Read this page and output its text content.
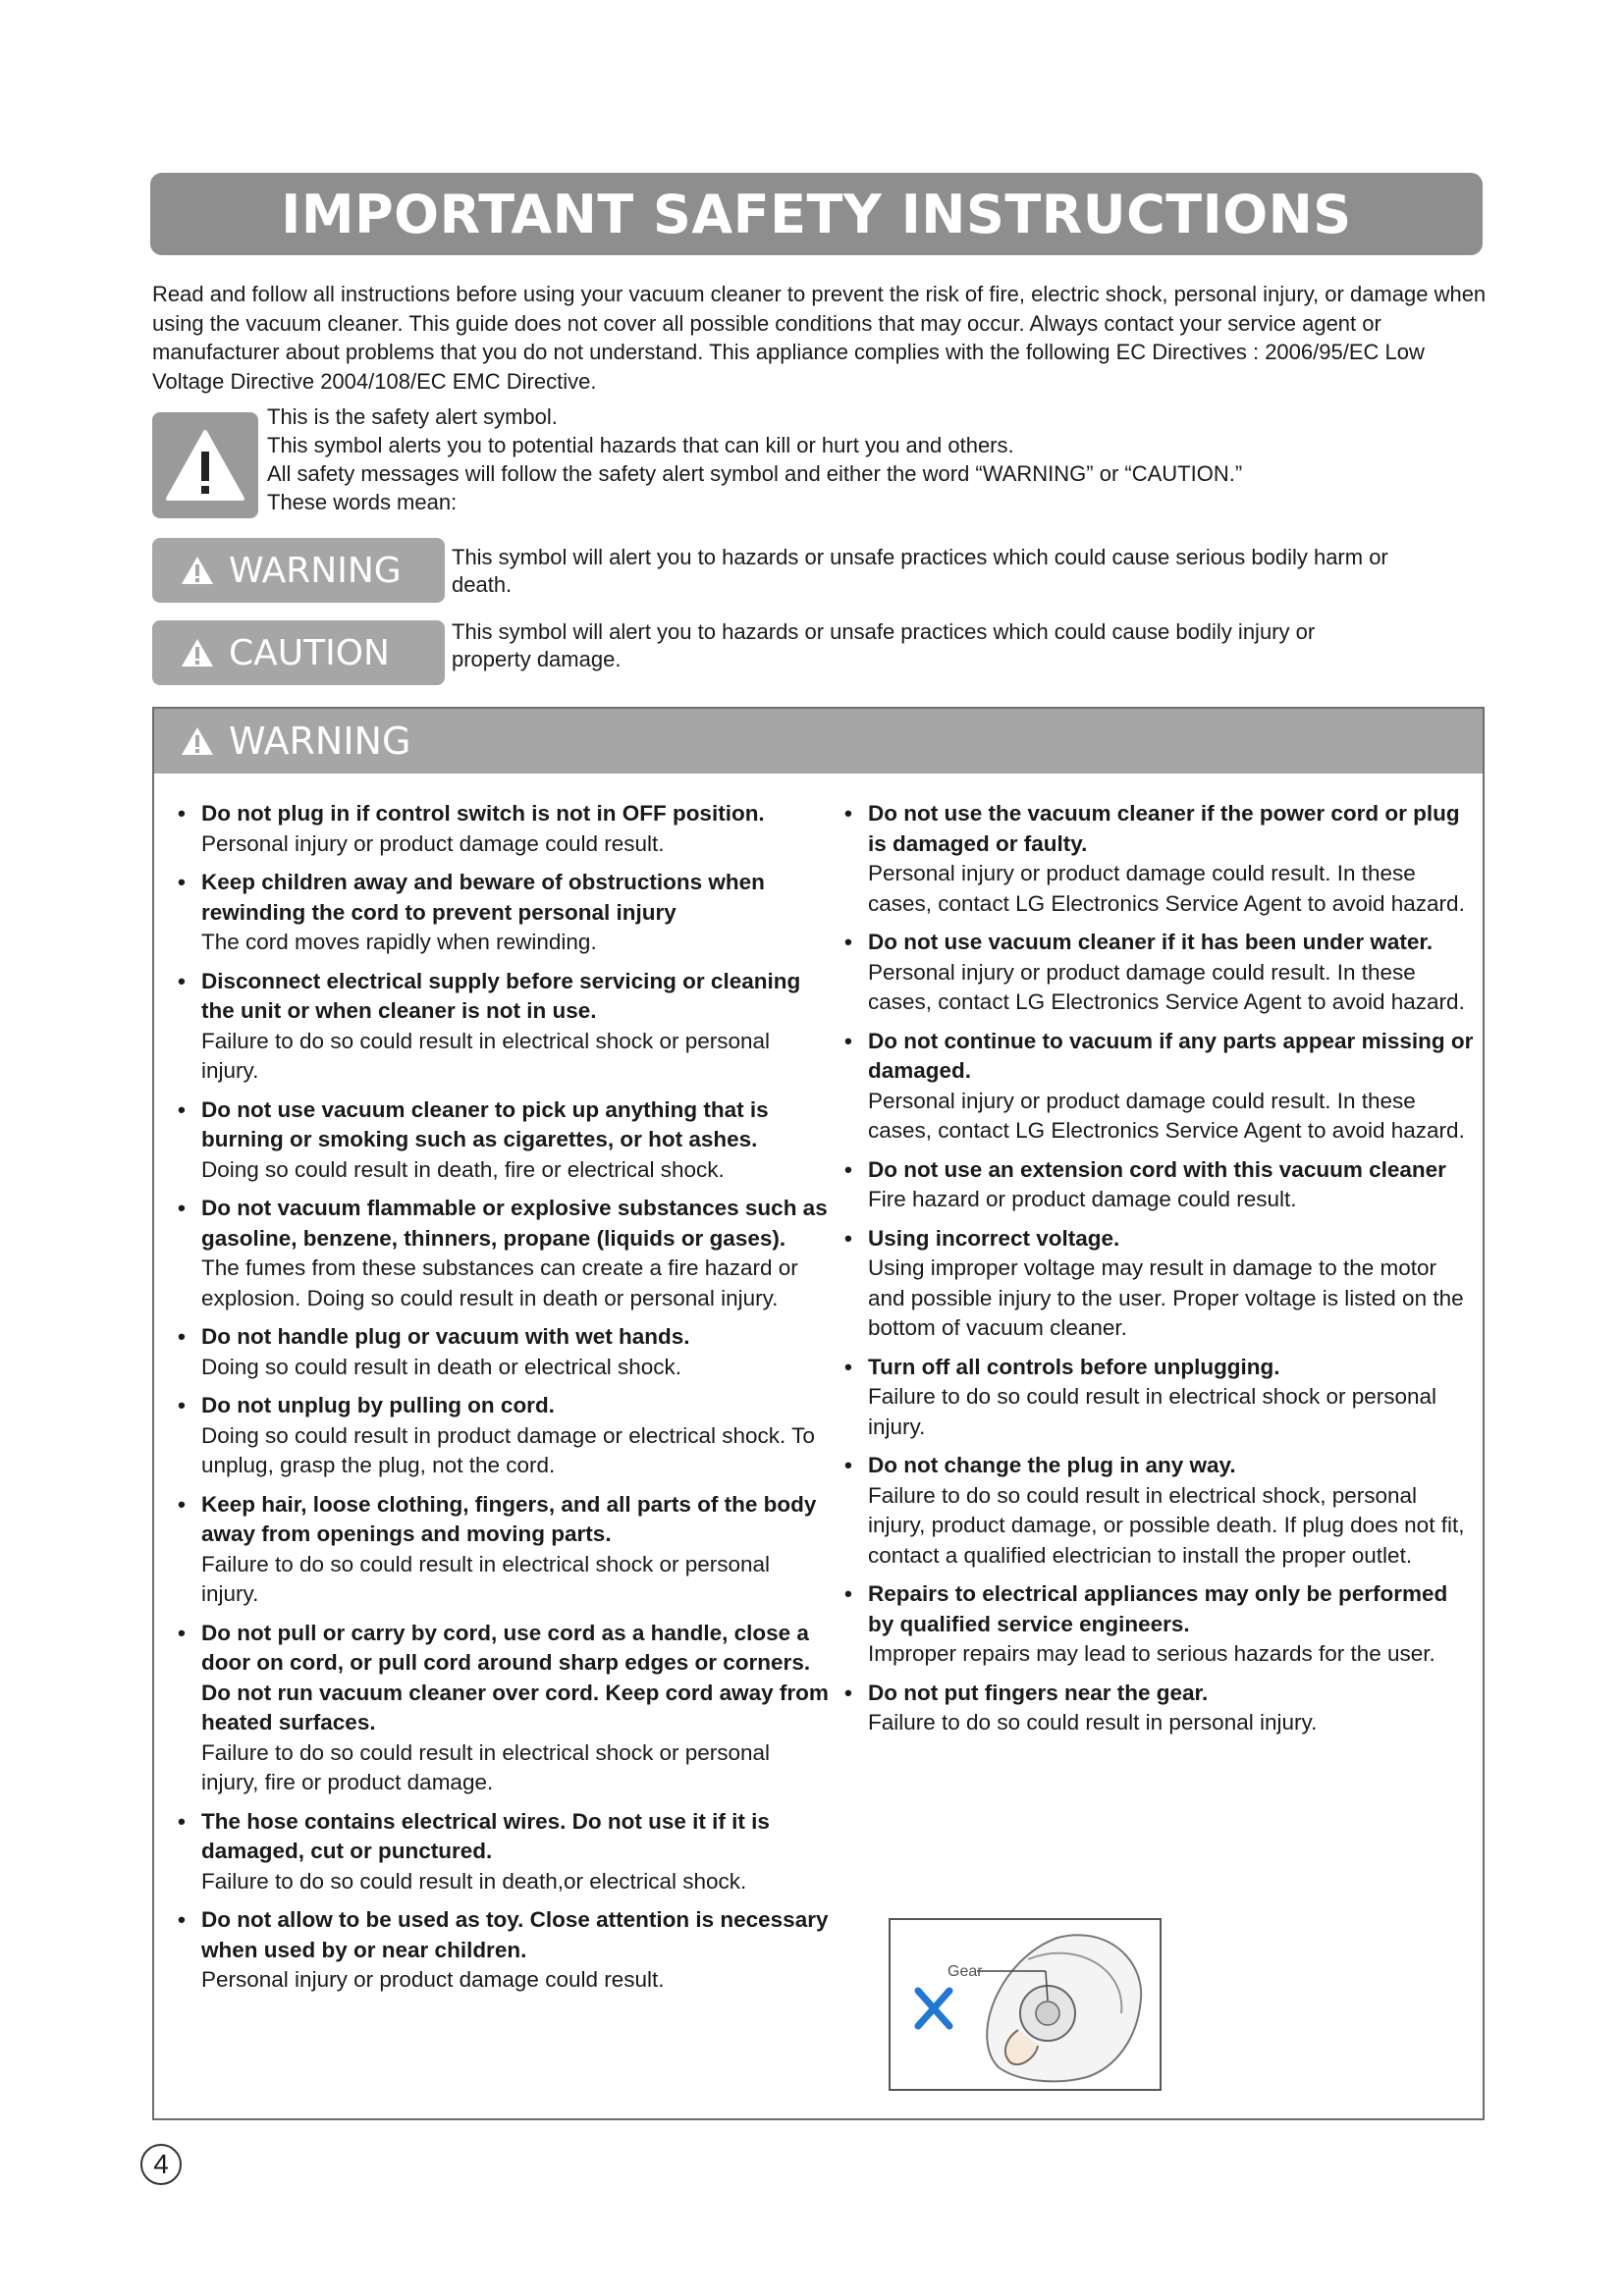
IMPORTANT SAFETY INSTRUCTIONS
Read and follow all instructions before using your vacuum cleaner to prevent the risk of fire, electric shock, personal injury, or damage when using the vacuum cleaner. This guide does not cover all possible conditions that may occur. Always contact your service agent or manufacturer about problems that you do not understand. This appliance complies with the following EC Directives : 2006/95/EC Low Voltage Directive 2004/108/EC EMC Directive.
This is the safety alert symbol.
This symbol alerts you to potential hazards that can kill or hurt you and others.
All safety messages will follow the safety alert symbol and either the word “WARNING” or “CAUTION.”
These words mean:
WARNING This symbol will alert you to hazards or unsafe practices which could cause serious bodily harm or death.
CAUTION
This symbol will alert you to hazards or unsafe practices which could cause bodily injury or property damage.
WARNING
• Do not plug in if control switch is not in OFF position.
Personal injury or product damage could result.
• Keep children away and beware of obstructions when rewinding the cord to prevent personal injury
The cord moves rapidly when rewinding.
• Disconnect electrical supply before servicing or cleaning the unit or when cleaner is not in use.
Failure to do so could result in electrical shock or personal injury.
• Do not use vacuum cleaner to pick up anything that is burning or smoking such as cigarettes, or hot ashes.
Doing so could result in death, fire or electrical shock.
• Do not vacuum flammable or explosive substances such as gasoline, benzene, thinners, propane (liquids or gases).
The fumes from these substances can create a fire hazard or explosion. Doing so could result in death or personal injury.
• Do not handle plug or vacuum with wet hands.
Doing so could result in death or electrical shock.
• Do not unplug by pulling on cord.
Doing so could result in product damage or electrical shock. To unplug, grasp the plug, not the cord.
• Keep hair, loose clothing, fingers, and all parts of the body away from openings and moving parts.
Failure to do so could result in electrical shock or personal injury.
• Do not pull or carry by cord, use cord as a handle, close a door on cord, or pull cord around sharp edges or corners. Do not run vacuum cleaner over cord. Keep cord away from heated surfaces.
Failure to do so could result in electrical shock or personal injury, fire or product damage.
• The hose contains electrical wires. Do not use it if it is damaged, cut or punctured.
Failure to do so could result in death,or electrical shock.
• Do not allow to be used as toy. Close attention is necessary when used by or near children.
Personal injury or product damage could result.
• Do not use the vacuum cleaner if the power cord or plug is damaged or faulty.
Personal injury or product damage could result. In these cases, contact LG Electronics Service Agent to avoid hazard.
• Do not use vacuum cleaner if it has been under water.
Personal injury or product damage could result. In these cases, contact LG Electronics Service Agent to avoid hazard.
• Do not continue to vacuum if any parts appear missing or damaged.
Personal injury or product damage could result. In these cases, contact LG Electronics Service Agent to avoid hazard.
• Do not use an extension cord with this vacuum cleaner
Fire hazard or product damage could result.
• Using incorrect voltage.
Using improper voltage may result in damage to the motor and possible injury to the user. Proper voltage is listed on the bottom of vacuum cleaner.
• Turn off all controls before unplugging.
Failure to do so could result in electrical shock or personal injury.
• Do not change the plug in any way.
Failure to do so could result in electrical shock, personal injury, product damage, or possible death. If plug does not fit, contact a qualified electrician to install the proper outlet.
• Repairs to electrical appliances may only be performed by qualified service engineers.
Improper repairs may lead to serious hazards for the user.
• Do not put fingers near the gear.
Failure to do so could result in personal injury.
Gear
4
